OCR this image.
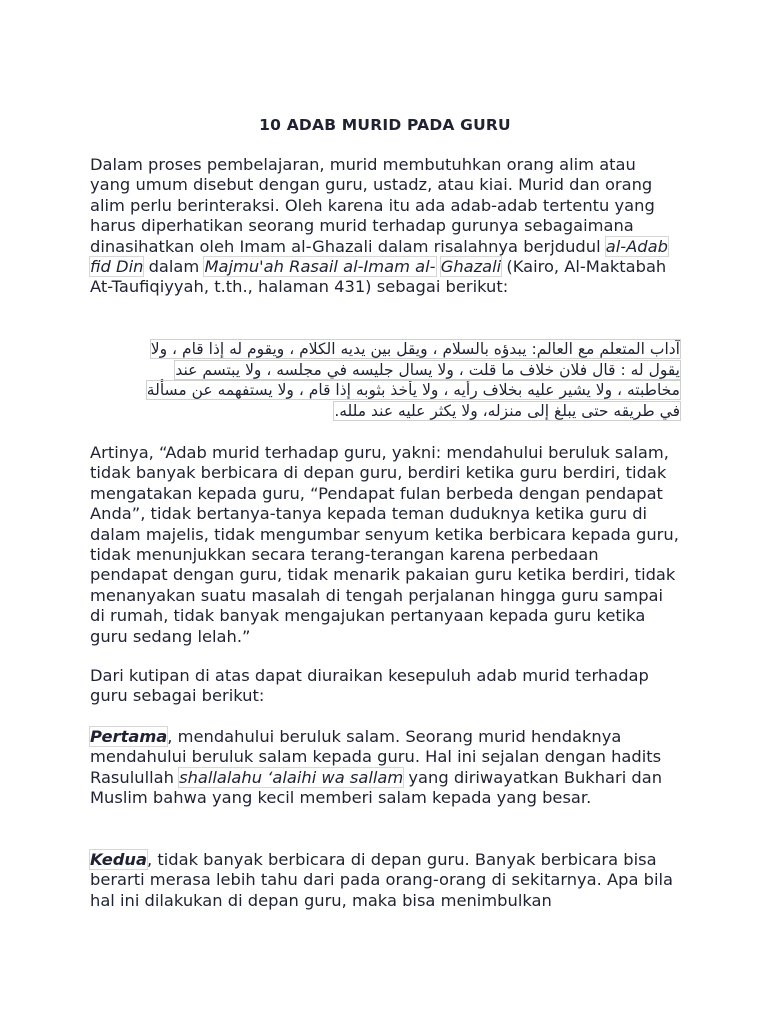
10 ADAB MURID PADA GURU
Dalam proses pembelajaran, murid membutuhkan orang alim atau yang umum disebut dengan guru, ustadz, atau kiai. Murid dan orang alim perlu berinteraksi. Oleh karena itu ada adab-adab tertentu yang harus diperhatikan seorang murid terhadap gurunya sebagaimana dinasihatkan oleh Imam al-Ghazali dalam risalahnya berjdudul al-Adab fid Din dalam Majmu'ah Rasail al-Imam al- Ghazali (Kairo, Al-Maktabah At-Taufiqiyyah, t.th., halaman 431) sebagai berikut:
آداب المتعلم مع العالم: يبدؤه بالسلام ، ويقل بين يديه الكلام ، ويقوم له إذا قام ، ولا
يقول له : قال فلان خلاف ما قلت ، ولا يسال جليسه في مجلسه ، ولا يبتسم عند
مخاطبته ، ولا يشير عليه بخلاف رأيه ، ولا يأخذ بثوبه إذا قام ، ولا يستفهمه عن مسألة
في طريقه حتى يبلغ إلى منزله، ولا يكثر عليه عند ملله.
Artinya, “Adab murid terhadap guru, yakni: mendahului beruluk salam, tidak banyak berbicara di depan guru, berdiri ketika guru berdiri, tidak mengatakan kepada guru, “Pendapat fulan berbeda dengan pendapat Anda”, tidak bertanya-tanya kepada teman duduknya ketika guru di dalam majelis, tidak mengumbar senyum ketika berbicara kepada guru, tidak menunjukkan secara terang-terangan karena perbedaan pendapat dengan guru, tidak menarik pakaian guru ketika berdiri, tidak menanyakan suatu masalah di tengah perjalanan hingga guru sampai di rumah, tidak banyak mengajukan pertanyaan kepada guru ketika guru sedang lelah.”
Dari kutipan di atas dapat diuraikan kesepuluh adab murid terhadap guru sebagai berikut:
Pertama, mendahului beruluk salam. Seorang murid hendaknya mendahului beruluk salam kepada guru. Hal ini sejalan dengan hadits Rasulullah shallalahu ‘alaihi wa sallam yang diriwayatkan Bukhari dan Muslim bahwa yang kecil memberi salam kepada yang besar.
Kedua, tidak banyak berbicara di depan guru. Banyak berbicara bisa berarti merasa lebih tahu dari pada orang-orang di sekitarnya. Apa bila hal ini dilakukan di depan guru, maka bisa menimbulkan
